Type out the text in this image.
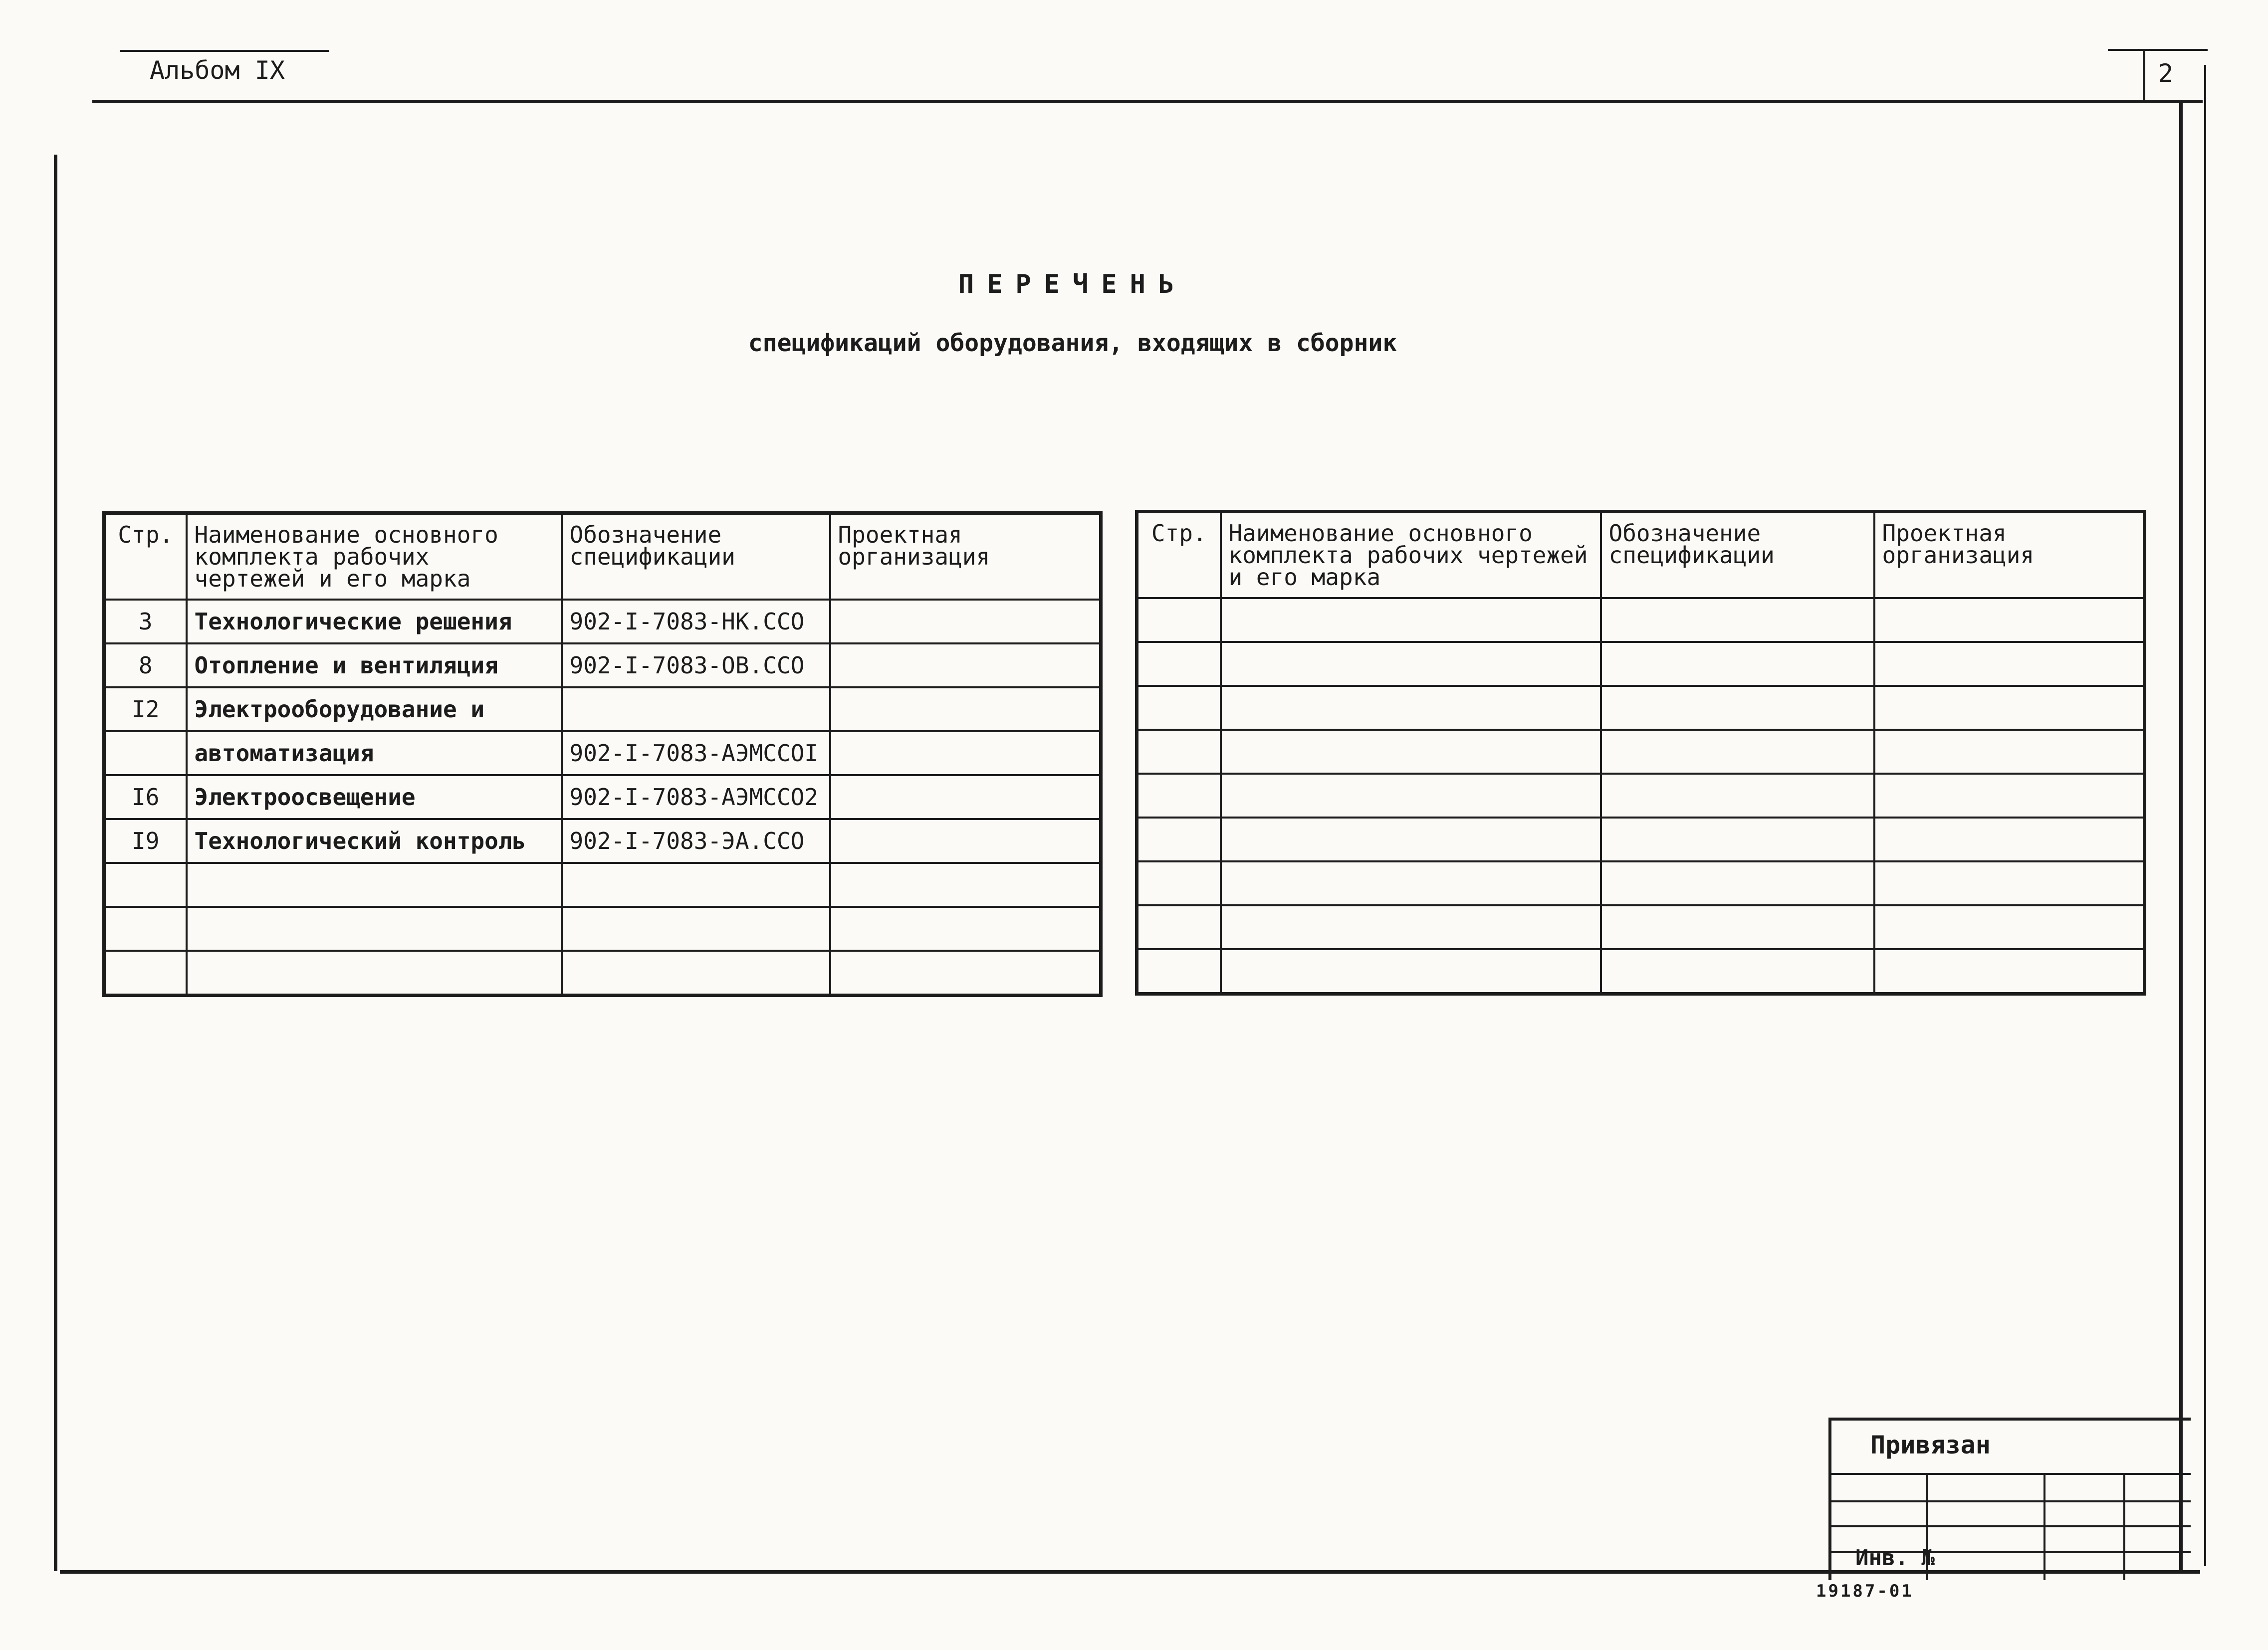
Альбом IX	2
ПЕРЕЧЕНЬ
спецификаций оборудования, входящих в сборник
Стр.	Наименование основного комплекта рабочих чертежей и его марка	Обозначение спецификации	Проектная организация
3	Технологические решения	902-I-7083-НК.ССО	
8	Отопление и вентиляция	902-I-7083-ОВ.ССО	
I2	Электрооборудование и		
	автоматизация	902-I-7083-АЭМССОI	
I6	Электроосвещение	902-I-7083-АЭМССО2	
I9	Технологический контроль	902-I-7083-ЭА.ССО	

Стр.	Наименование основного комплекта рабочих чертежей и его марка	Обозначение спецификации	Проектная организация

Привязан
Инв. №
19187-01
